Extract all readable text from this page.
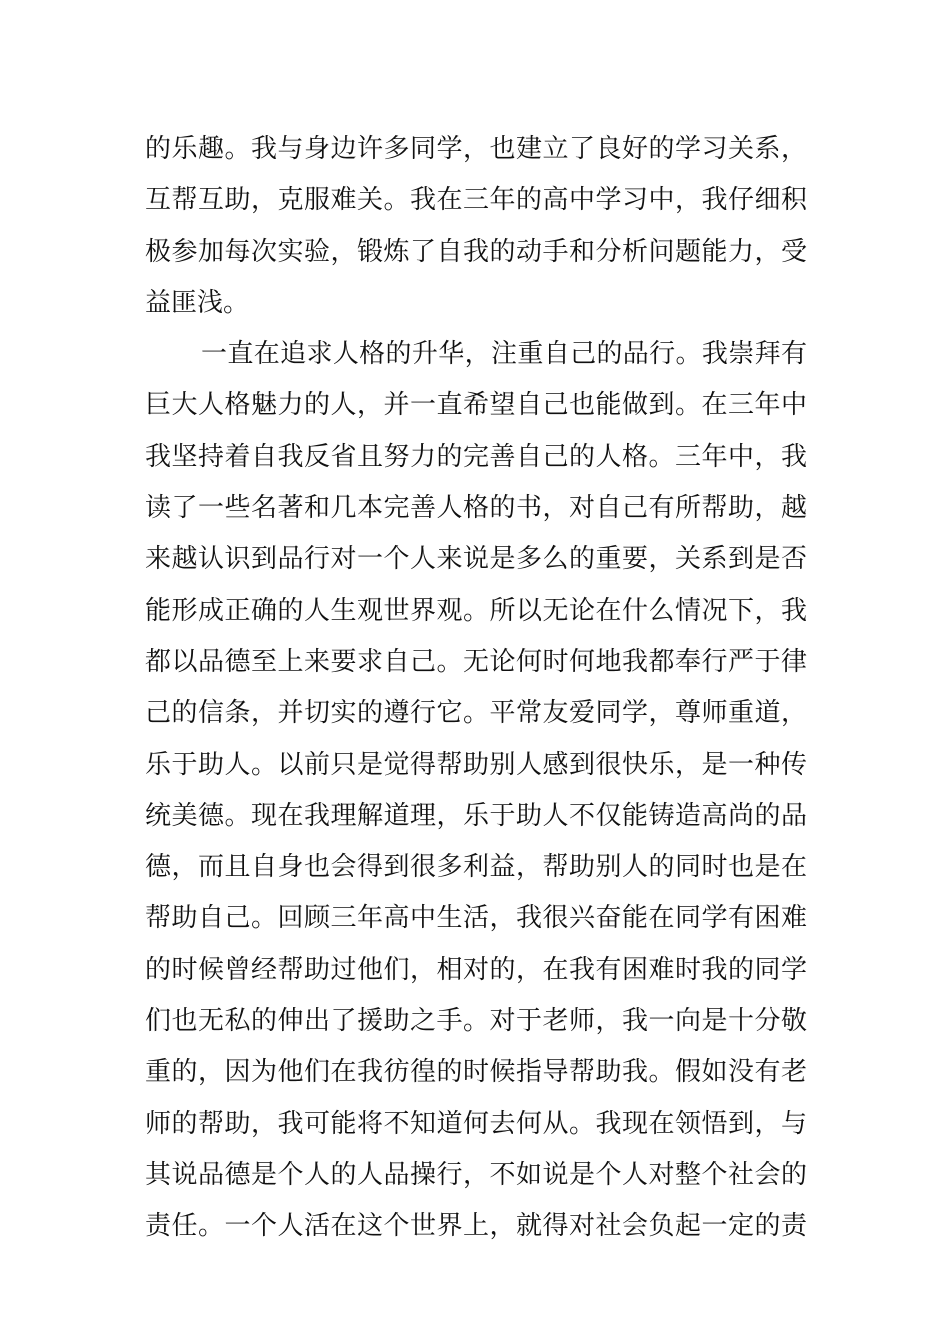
的乐趣。我与身边许多同学，也建立了良好的学习关系，
互帮互助，克服难关。我在三年的高中学习中，我仔细积
极参加每次实验，锻炼了自我的动手和分析问题能力，受
益匪浅。
一直在追求人格的升华，注重自己的品行。我崇拜有
巨大人格魅力的人，并一直希望自己也能做到。在三年中
我坚持着自我反省且努力的完善自己的人格。三年中，我
读了一些名著和几本完善人格的书，对自己有所帮助，越
来越认识到品行对一个人来说是多么的重要，关系到是否
能形成正确的人生观世界观。所以无论在什么情况下，我
都以品德至上来要求自己。无论何时何地我都奉行严于律
己的信条，并切实的遵行它。平常友爱同学，尊师重道，
乐于助人。以前只是觉得帮助别人感到很快乐，是一种传
统美德。现在我理解道理，乐于助人不仅能铸造高尚的品
德，而且自身也会得到很多利益，帮助别人的同时也是在
帮助自己。回顾三年高中生活，我很兴奋能在同学有困难
的时候曾经帮助过他们，相对的，在我有困难时我的同学
们也无私的伸出了援助之手。对于老师，我一向是十分敬
重的，因为他们在我彷徨的时候指导帮助我。假如没有老
师的帮助，我可能将不知道何去何从。我现在领悟到，与
其说品德是个人的人品操行，不如说是个人对整个社会的
责任。一个人活在这个世界上，就得对社会负起一定的责
